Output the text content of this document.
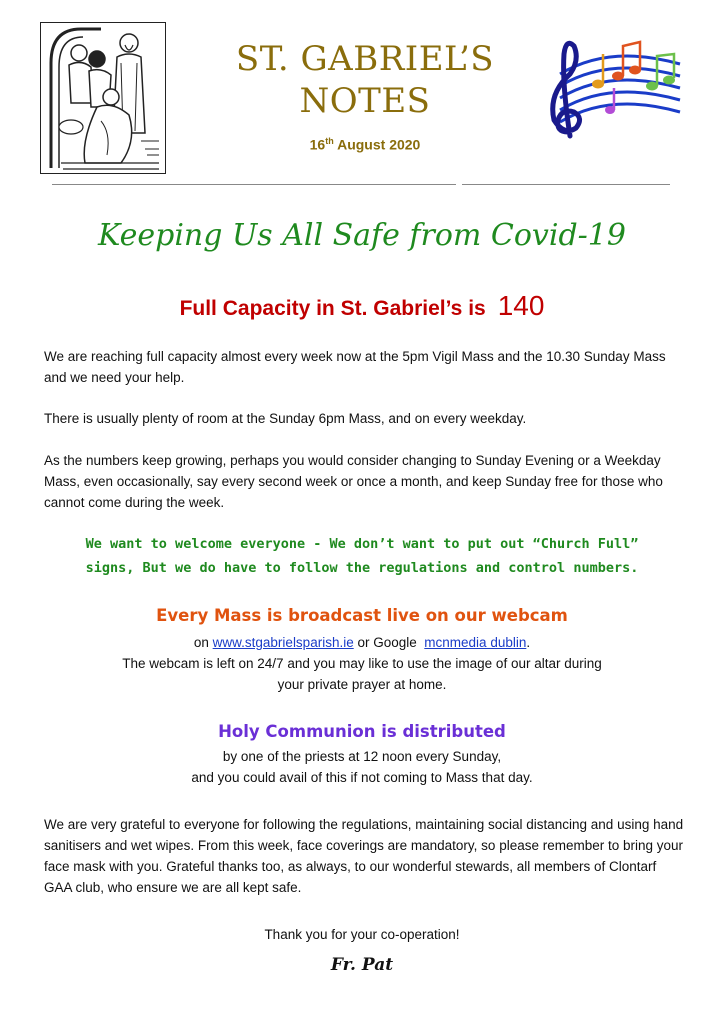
ST. GABRIEL’S
NOTES
16th August 2020
Keeping Us All Safe from Covid-19
Full Capacity in St. Gabriel’s is 140
We are reaching full capacity almost every week now at the 5pm Vigil Mass and the 10.30 Sunday Mass and we need your help.
There is usually plenty of room at the Sunday 6pm Mass, and on every weekday.
As the numbers keep growing, perhaps you would consider changing to Sunday Evening or a Weekday Mass, even occasionally, say every second week or once a month, and keep Sunday free for those who cannot come during the week.
We want to welcome everyone - We don’t want to put out “Church Full”
signs, But we do have to follow the regulations and control numbers.
Every Mass is broadcast live on our webcam
on www.stgabrielsparish.ie or Google mcnmedia dublin.
The webcam is left on 24/7 and you may like to use the image of our altar during
your private prayer at home.
Holy Communion is distributed
by one of the priests at 12 noon every Sunday,
and you could avail of this if not coming to Mass that day.
We are very grateful to everyone for following the regulations, maintaining social distancing and using hand sanitisers and wet wipes. From this week, face coverings are mandatory, so please remember to bring your face mask with you. Grateful thanks too, as always, to our wonderful stewards, all members of Clontarf GAA club, who ensure we are all kept safe.
Thank you for your co-operation!
Fr. Pat
